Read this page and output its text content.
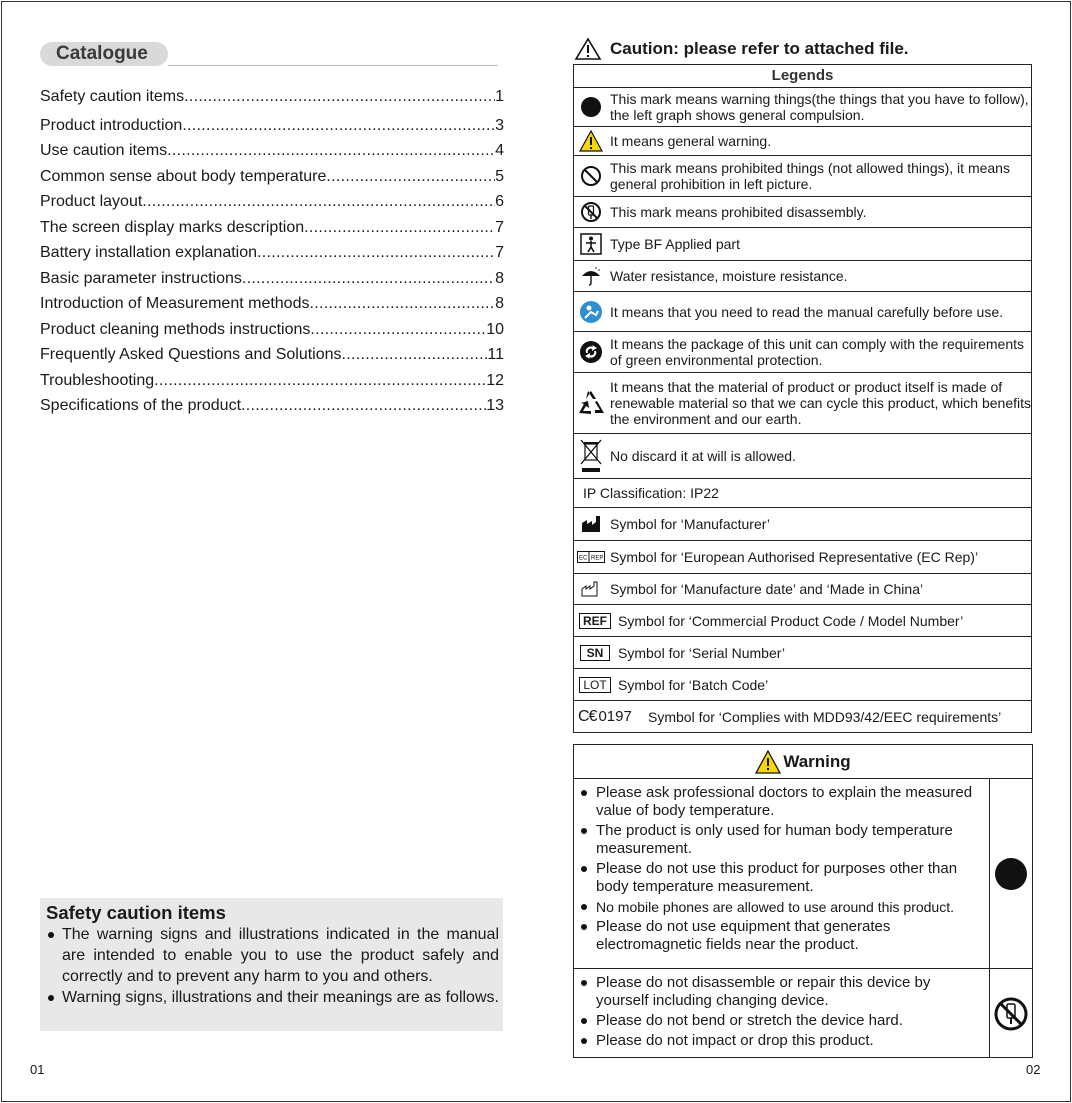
Catalogue
Safety caution items .....	1
Product introduction .....	3
Use caution items .....	4
Common sense about body temperature .....	5
Product layout .....	6
The screen display marks description .....	7
Battery installation explanation .....	7
Basic parameter instructions .....	8
Introduction of Measurement methods .....	8
Product cleaning methods instructions .....	10
Frequently Asked Questions and Solutions .....	11
Troubleshooting .....	12
Specifications of the product .....	13
Safety caution items
The warning signs and illustrations indicated in the manual are intended to enable you to use the product safely and correctly and to prevent any harm to you and others.
Warning signs, illustrations and their meanings are as follows.
01	02
Caution: please refer to attached file.
Legends
This mark means warning things(the things that you have to follow), the left graph shows general compulsion.
It means general warning.
This mark means prohibited things (not allowed things), it means general prohibition in left picture.
This mark means prohibited disassembly.
Type BF Applied part
Water resistance, moisture resistance.
It means that you need to read the manual carefully before use.
It means the package of this unit can comply with the requirements of green environmental protection.
It means that the material of product or product itself is made of renewable material so that we can cycle this product, which benefits the environment and our earth.
No discard it at will is allowed.
IP Classification: IP22
Symbol for ‘Manufacturer’
EC REP Symbol for ‘European Authorised Representative (EC Rep)’
Symbol for ‘Manufacture date’ and ‘Made in China’
REF Symbol for ‘Commercial Product Code / Model Number’
SN	Symbol for ‘Serial Number’
LOT Symbol for ‘Batch Code’
C€ 0197 Symbol for ‘Complies with MDD93/42/EEC requirements’
Warning
Please ask professional doctors to explain the measured value of body temperature.
The product is only used for human body temperature measurement.
Please do not use this product for purposes other than body temperature measurement.
No mobile phones are allowed to use around this product.
Please do not use equipment that generates electromagnetic fields near the product.
Please do not disassemble or repair this device by yourself including changing device.
Please do not bend or stretch the device hard.
Please do not impact or drop this product.
